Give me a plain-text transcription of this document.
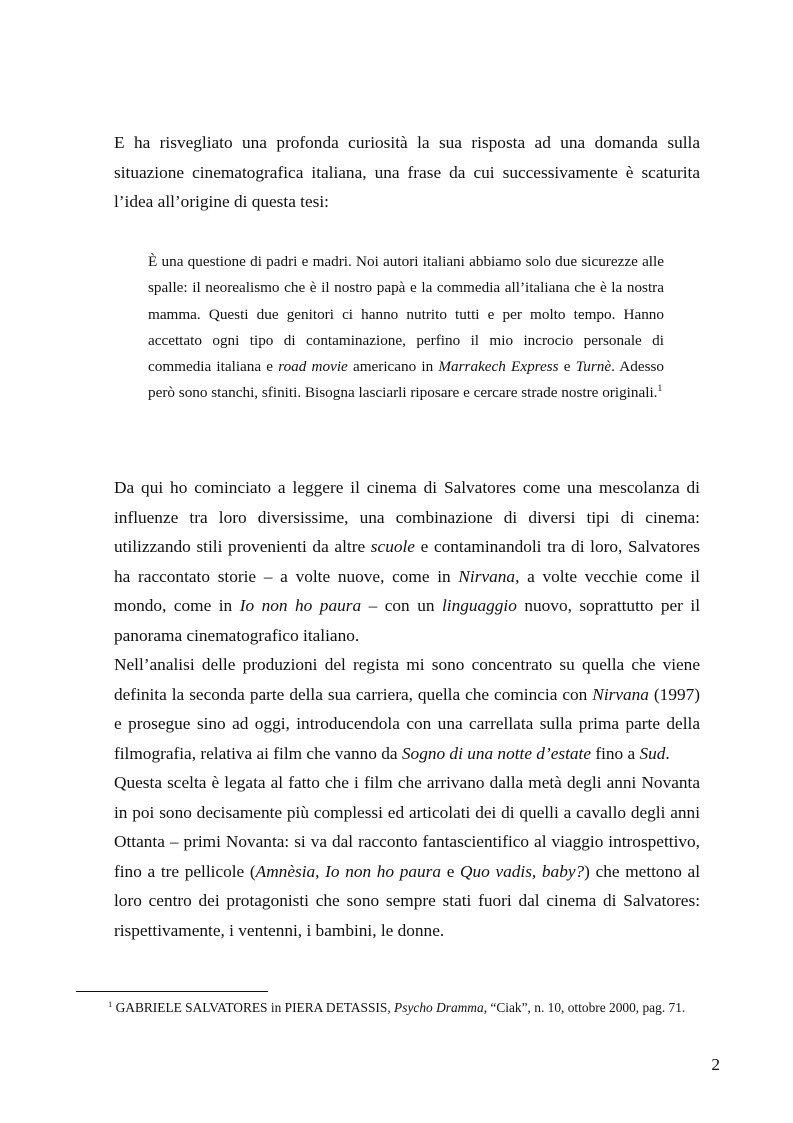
E ha risvegliato una profonda curiosità la sua risposta ad una domanda sulla situazione cinematografica italiana, una frase da cui successivamente è scaturita l’idea all’origine di questa tesi:

È una questione di padri e madri. Noi autori italiani abbiamo solo due sicurezze alle spalle: il neorealismo che è il nostro papà e la commedia all’italiana che è la nostra mamma. Questi due genitori ci hanno nutrito tutti e per molto tempo. Hanno accettato ogni tipo di contaminazione, perfino il mio incrocio personale di commedia italiana e road movie americano in Marrakech Express e Turnè. Adesso però sono stanchi, sfiniti. Bisogna lasciarli riposare e cercare strade nostre originali.$^1$

Da qui ho cominciato a leggere il cinema di Salvatores come una mescolanza di influenze tra loro diversissime, una combinazione di diversi tipi di cinema: utilizzando stili provenienti da altre scuole e contaminandoli tra di loro, Salvatores ha raccontato storie – a volte nuove, come in Nirvana, a volte vecchie come il mondo, come in Io non ho paura – con un linguaggio nuovo, soprattutto per il panorama cinematografico italiano.

Nell’analisi delle produzioni del regista mi sono concentrato su quella che viene definita la seconda parte della sua carriera, quella che comincia con Nirvana (1997) e prosegue sino ad oggi, introducendola con una carrellata sulla prima parte della filmografia, relativa ai film che vanno da Sogno di una notte d’estate fino a Sud.

Questa scelta è legata al fatto che i film che arrivano dalla metà degli anni Novanta in poi sono decisamente più complessi ed articolati dei di quelli a cavallo degli anni Ottanta – primi Novanta: si va dal racconto fantascientifico al viaggio introspettivo, fino a tre pellicole (Amnèsia, Io non ho paura e Quo vadis, baby?) che mettono al loro centro dei protagonisti che sono sempre stati fuori dal cinema di Salvatores: rispettivamente, i ventenni, i bambini, le donne.

$^1$ GABRIELE SALVATORES in PIERA DETASSIS, Psycho Dramma, “Ciak”, n. 10, ottobre 2000, pag. 71.

2
